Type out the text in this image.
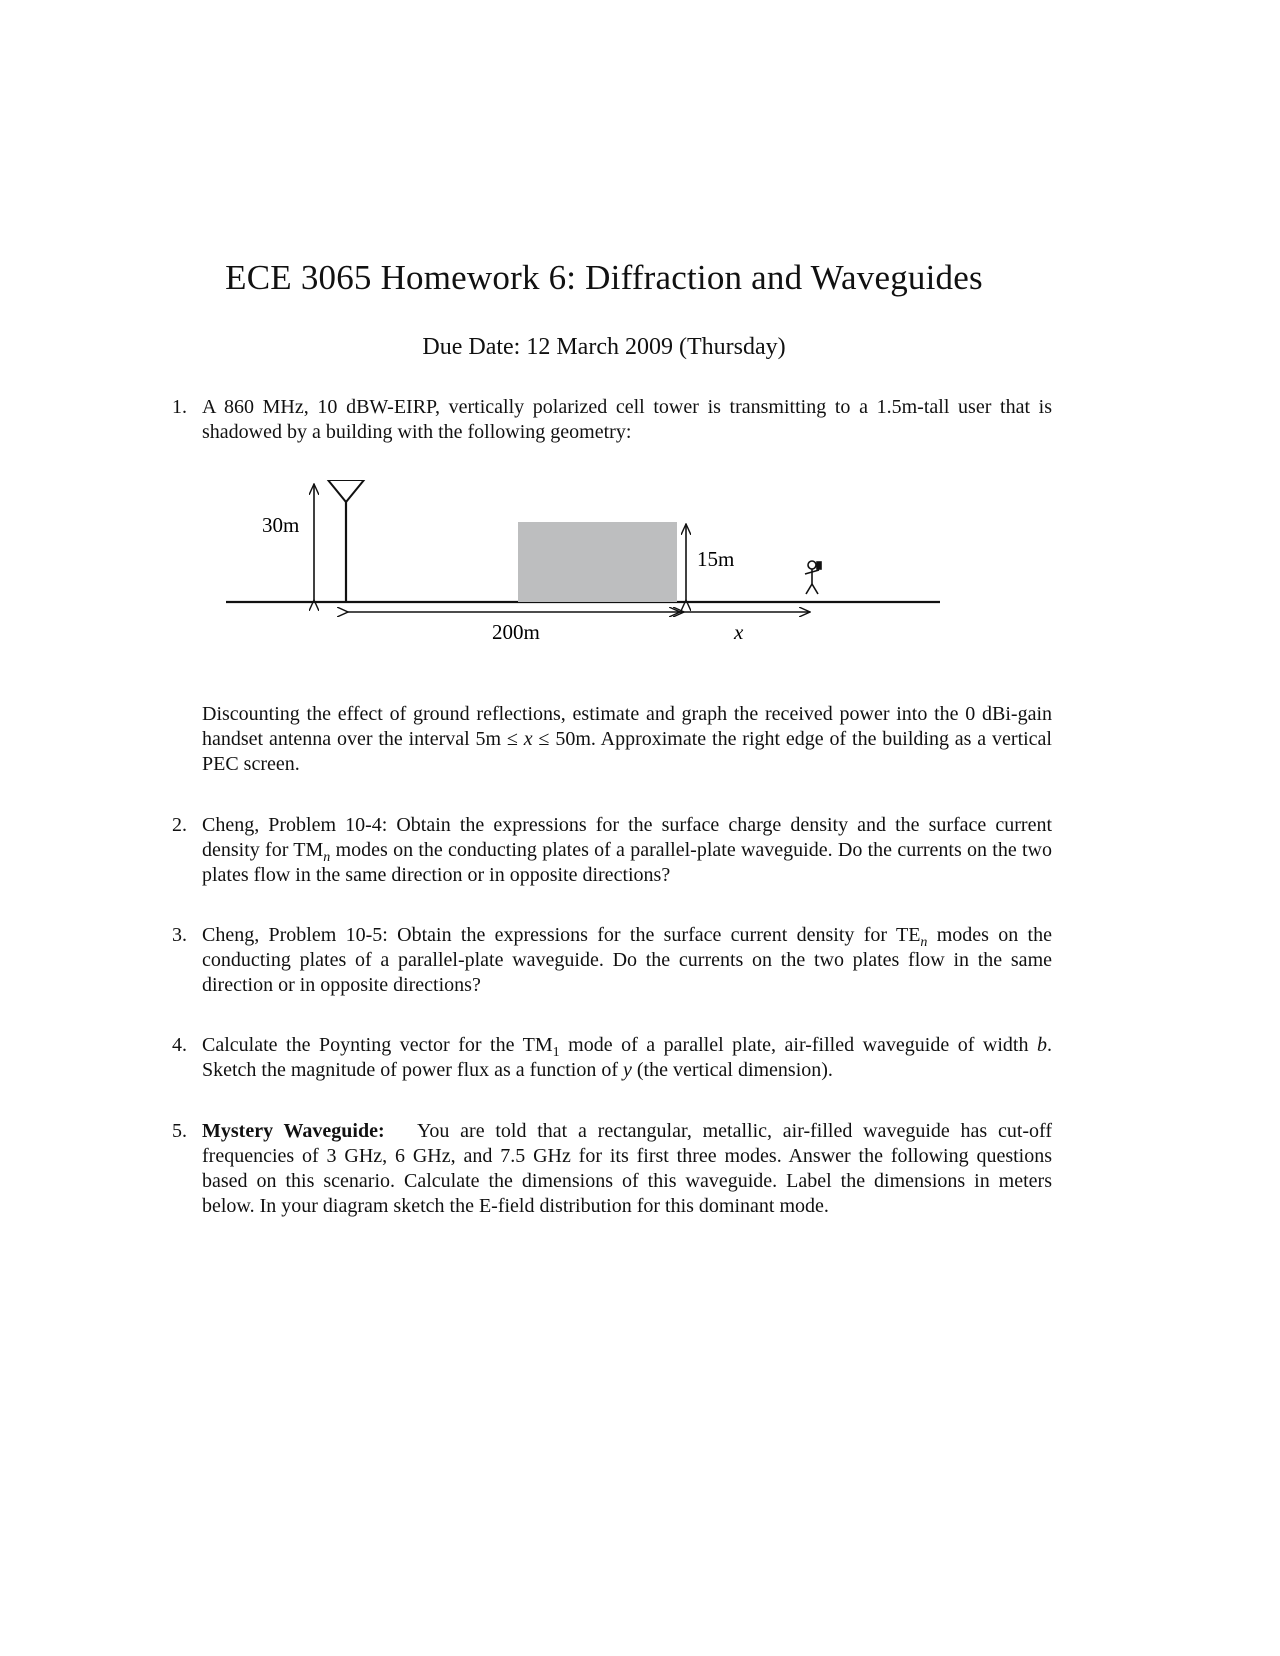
ECE 3065 Homework 6: Diffraction and Waveguides
Due Date: 12 March 2009 (Thursday)
1. A 860 MHz, 10 dBW-EIRP, vertically polarized cell tower is transmitting to a 1.5m-tall user that is shadowed by a building with the following geometry:
30m
15m
200m	x
Discounting the effect of ground reflections, estimate and graph the received power into the 0 dBi-gain handset antenna over the interval 5m ≤ x ≤ 50m. Approximate the right edge of the building as a vertical PEC screen.
2. Cheng, Problem 10-4: Obtain the expressions for the surface charge density and the surface current density for $TM_n$ modes on the conducting plates of a parallel-plate waveguide. Do the currents on the two plates flow in the same direction or in opposite directions?
3. Cheng, Problem 10-5: Obtain the expressions for the surface current density for $TE_n$ modes on the conducting plates of a parallel-plate waveguide. Do the currents on the two plates flow in the same direction or in opposite directions?
4. Calculate the Poynting vector for the $TM_1$ mode of a parallel plate, air-filled waveguide of width b. Sketch the magnitude of power flux as a function of y (the vertical dimension).
5. Mystery Waveguide: You are told that a rectangular, metallic, air-filled waveguide has cut-off frequencies of 3 GHz, 6 GHz, and 7.5 GHz for its first three modes. Answer the following questions based on this scenario. Calculate the dimensions of this waveguide. Label the dimensions in meters below. In your diagram sketch the E-field distribution for this dominant mode.
